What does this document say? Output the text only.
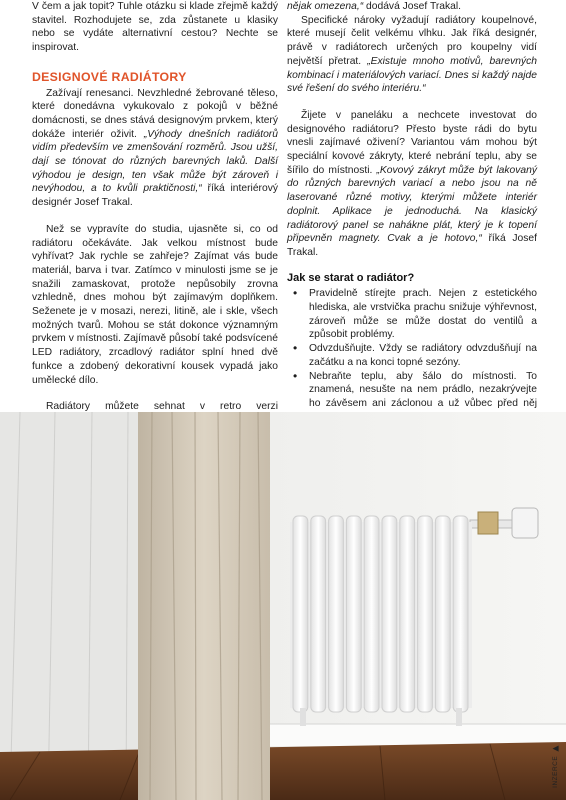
V čem a jak topit? Tuhle otázku si klade zřejmě každý stavitel. Rozhodujete se, zda zůstanete u klasiky nebo se vydáte alternativní cestou? Nechte se inspirovat.

DESIGNOVÉ RADIÁTORY

Zažívají renesanci. Nevzhledné žebrované těleso, které donedávna vykukovalo z pokojů v běžné domácnosti, se dnes stává designovým prvkem, který dokáže interiér oživit. „Výhody dnešních radiátorů vidím především ve zmenšování rozměrů. Jsou užší, dají se tónovat do různých barevných laků. Další výhodou je design, ten však může být zároveň i nevýhodou, a to kvůli praktičnosti,“ říká interiérový designér Josef Trakal.

Než se vypravíte do studia, ujasněte si, co od radiátoru očekáváte. Jak velkou místnost bude vyhřívat? Jak rychle se zahřeje? Zajímat vás bude materiál, barva i tvar. Zatímco v minulosti jsme se je snažili zamaskovat, protože nepůsobily zrovna vzhledně, dnes mohou být zajímavým doplňkem. Seženete je v mosazi, nerezi, litině, ale i skle, všech možných tvarů. Mohou se stát dokonce významným prvkem v místnosti. Zajímavě působí také podsvícené LED radiátory, zrcadlový radiátor splní hned dvě funkce a zdobený dekorativní kousek vypadá jako umělecké dílo.

Radiátory můžete sehnat v retro verzi

nějak omezena,“ dodává Josef Trakal.

Specifické nároky vyžadují radiátory koupelnové, které musejí čelit velkému vlhku. Jak říká designér, právě v radiátorech určených pro koupelny vidí největší přetrat. „Existuje mnoho motivů, barevných kombinací i materiálových variací. Dnes si každý najde své řešení do svého interiéru.“

Žijete v paneláku a nechcete investovat do designového radiátoru? Přesto byste rádi do bytu vnesli zajímavé oživení? Variantou vám mohou být speciální kovové zákryty, které nebrání teplu, aby se šířilo do místnosti. „Kovový zákryt může být lakovaný do různých barevných variací a nebo jsou na ně laserované různé motivy, kterými můžete interiér doplnit. Aplikace je jednoduchá. Na klasický radiátorový panel se nahákne plát, který je k topení připevněn magnety. Cvak a je hotovo,“ říká Josef Trakal.

Jak se starat o radiátor?
• Pravidelně stírejte prach. Nejen z estetického hlediska, ale vrstvička prachu snižuje výhřevnost, zároveň může se může dostat do ventilů a způsobit problémy.
• Odvzdušňujte. Vždy se radiátory odvzdušňují na začátku a na konci topné sezóny.
• Nebraňte teplu, aby šálo do místnosti. To znamená, nesušte na nem prádlo, nezakrývejte ho závěsem ani záclonou a už vůbec před něj
INZERCE ▶
